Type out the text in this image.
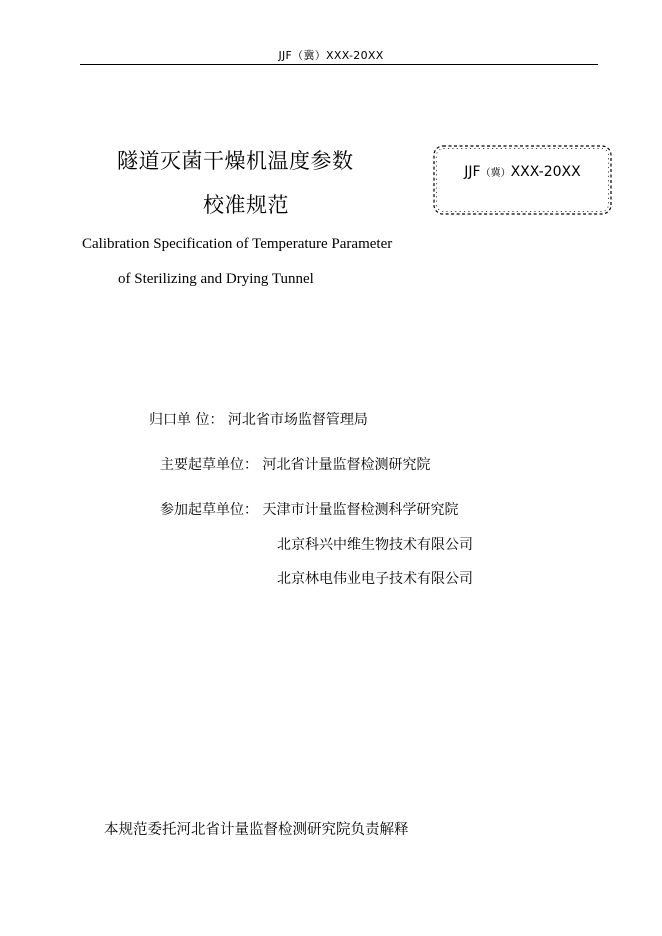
JJF（冀）XXX-20XX
隧道灭菌干燥机温度参数
校准规范
Calibration Specification of Temperature Parameter
of Sterilizing and Drying Tunnel
JJF（冀）XXX-20XX
归口单 位： 河北省市场监督管理局
主要起草单位： 河北省计量监督检测研究院
参加起草单位： 天津市计量监督检测科学研究院
北京科兴中维生物技术有限公司
北京林电伟业电子技术有限公司
本规范委托河北省计量监督检测研究院负责解释
